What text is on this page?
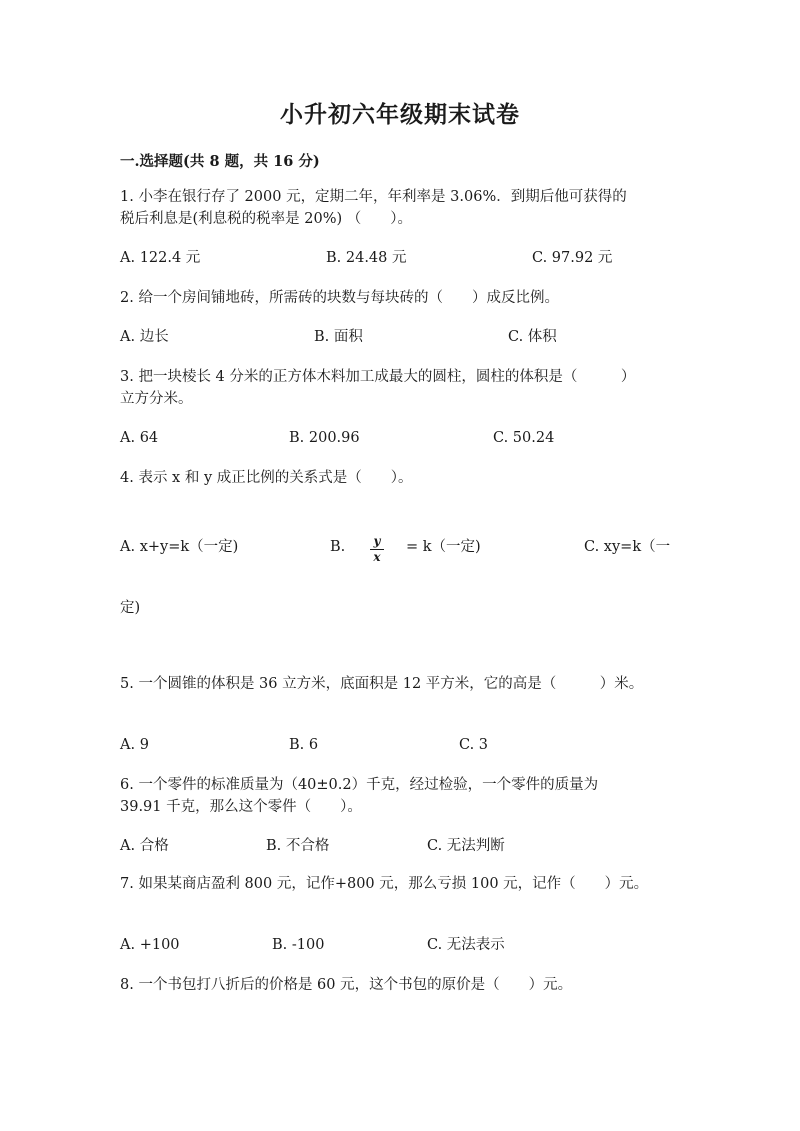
小升初六年级期末试卷
一.选择题(共 8 题，共 16 分)
1. 小李在银行存了 2000 元，定期二年，年利率是 3.06%．到期后他可获得的
税后利息是(利息税的税率是 20%) （　　）。
A. 122.4 元	B. 24.48 元	C. 97.92 元
2. 给一个房间铺地砖，所需砖的块数与每块砖的（　　）成反比例。
A. 边长	B. 面积	C. 体积
3. 把一块棱长 4 分米的正方体木料加工成最大的圆柱，圆柱的体积是（　　　）
立方分米。
A. 64	B. 200.96	C. 50.24
4. 表示 x 和 y 成正比例的关系式是（　　）。
A. x+y=k（一定)	B. y
x
= k（一定)	C. xy=k（一
定)
5. 一个圆锥的体积是 36 立方米，底面积是 12 平方米，它的高是（　　　）米。
A. 9	B. 6	C. 3
6. 一个零件的标准质量为（40±0.2）千克，经过检验，一个零件的质量为
39.91 千克，那么这个零件（　　）。
A. 合格	B. 不合格	C. 无法判断
7. 如果某商店盈利 800 元，记作+800 元，那么亏损 100 元，记作（　　）元。
A. +100	B. -100	C. 无法表示
8. 一个书包打八折后的价格是 60 元，这个书包的原价是（　　）元。
